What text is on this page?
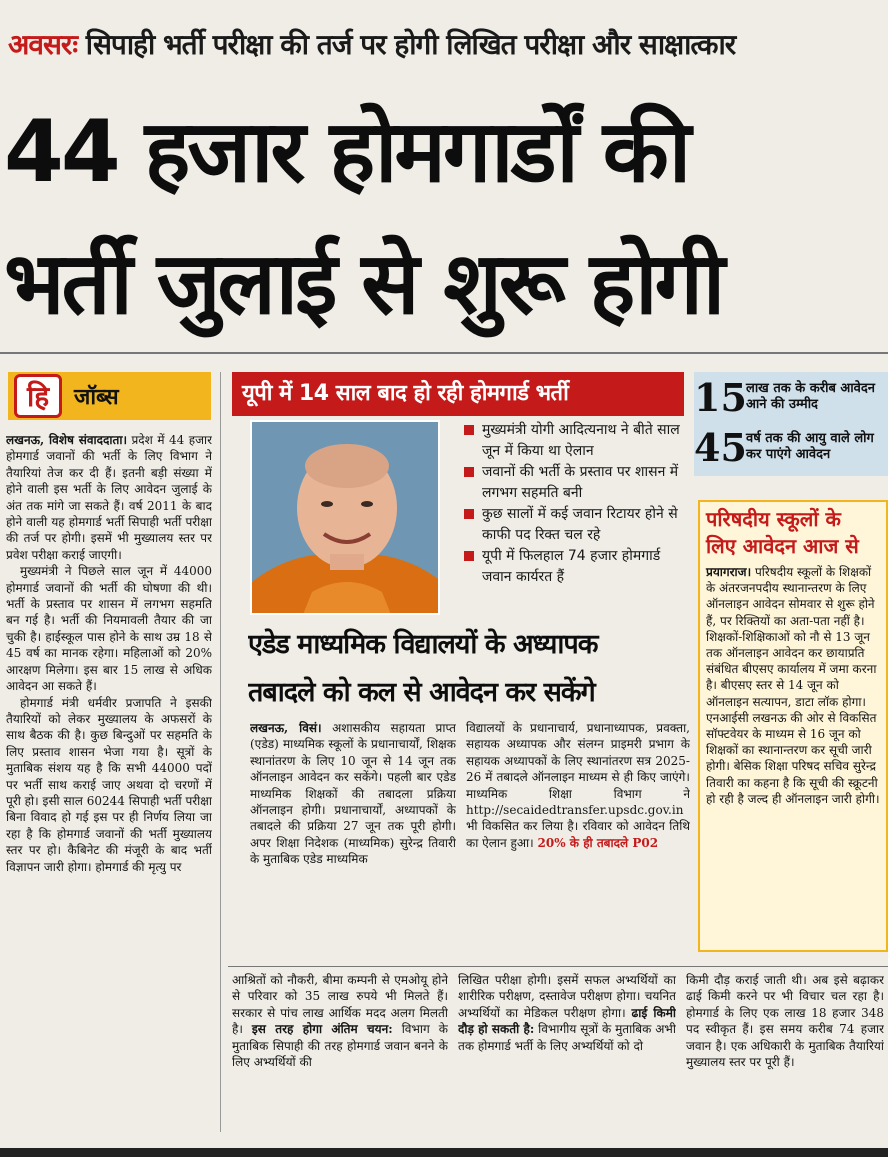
अवसरः सिपाही भर्ती परीक्षा की तर्ज पर होगी लिखित परीक्षा और साक्षात्कार
44 हजार होमगार्डों की
भर्ती जुलाई से शुरू होगी
हि	जॉब्स

लखनऊ, विशेष संवाददाता। प्रदेश में 44 हजार होमगार्ड जवानों की भर्ती के लिए विभाग ने तैयारियां तेज कर दी हैं। इतनी बड़ी संख्या में होने वाली इस भर्ती के लिए आवेदन जुलाई के अंत तक मांगे जा सकते हैं। वर्ष 2011 के बाद होने वाली यह होमगार्ड भर्ती सिपाही भर्ती परीक्षा की तर्ज पर होगी। इसमें भी मुख्यालय स्तर पर प्रवेश परीक्षा कराई जाएगी।

मुख्यमंत्री ने पिछले साल जून में 44000 होमगार्ड जवानों की भर्ती की घोषणा की थी। भर्ती के प्रस्ताव पर शासन में लगभग सहमति बन गई है। भर्ती की नियमावली तैयार की जा चुकी है। हाईस्कूल पास होने के साथ उम्र 18 से 45 वर्ष का मानक रहेगा। महिलाओं को 20% आरक्षण मिलेगा। इस बार 15 लाख से अधिक आवेदन आ सकते हैं।

होमगार्ड मंत्री धर्मवीर प्रजापति ने इसकी तैयारियों को लेकर मुख्यालय के अफसरों के साथ बैठक की है। कुछ बिन्दुओं पर सहमति के लिए प्रस्ताव शासन भेजा गया है। सूत्रों के मुताबिक संशय यह है कि सभी 44000 पदों पर भर्ती साथ कराई जाए अथवा दो चरणों में पूरी हो। इसी साल 60244 सिपाही भर्ती परीक्षा बिना विवाद हो गई इस पर ही निर्णय लिया जा रहा है कि होमगार्ड जवानों की भर्ती मुख्यालय स्तर पर हो। कैबिनेट की मंजूरी के बाद भर्ती विज्ञापन जारी होगा। होमगार्ड की मृत्यु पर

यूपी में 14 साल बाद हो रही होमगार्ड भर्ती
मुख्यमंत्री योगी आदित्यनाथ ने बीते साल जून में किया था ऐलान
जवानों की भर्ती के प्रस्ताव पर शासन में लगभग सहमति बनी
कुछ सालों में कई जवान रिटायर होने से काफी पद रिक्त चल रहे
यूपी में फिलहाल 74 हजार होमगार्ड जवान कार्यरत हैं
15 लाख तक के करीब आवेदन आने की उम्मीद
45 वर्ष तक की आयु वाले लोग कर पाएंगे आवेदन
एडेड माध्यमिक विद्यालयों के अध्यापक
तबादले को कल से आवेदन कर सकेंगे

लखनऊ, विसं। अशासकीय सहायता प्राप्त (एडेड) माध्यमिक स्कूलों के प्रधानाचार्यों, शिक्षक स्थानांतरण के लिए 10 जून से 14 जून तक ऑनलाइन आवेदन कर सकेंगे। पहली बार एडेड माध्यमिक शिक्षकों की तबादला प्रक्रिया ऑनलाइन होगी। प्रधानाचार्यों, अध्यापकों के तबादले की प्रक्रिया 27 जून तक पूरी होगी। अपर शिक्षा निदेशक (माध्यमिक) सुरेन्द्र तिवारी के मुताबिक एडेड माध्यमिक

विद्यालयों के प्रधानाचार्य, प्रधानाध्यापक, प्रवक्ता, सहायक अध्यापक और संलग्न प्राइमरी प्रभाग के सहायक अध्यापकों के लिए स्थानांतरण सत्र 2025-26 में तबादले ऑनलाइन माध्यम से ही किए जाएंगे। माध्यमिक शिक्षा विभाग ने http://secaidedtransfer.upsdc.gov.in भी विकसित कर लिया है। रविवार को आवेदन तिथि का ऐलान हुआ। 20% के ही तबादले P02

परिषदीय स्कूलों के
लिए आवेदन आज से
प्रयागराज। परिषदीय स्कूलों के शिक्षकों के अंतरजनपदीय स्थानान्तरण के लिए ऑनलाइन आवेदन सोमवार से शुरू होने हैं, पर रिक्तियों का अता-पता नहीं है। शिक्षकों-शिक्षिकाओं को नौ से 13 जून तक ऑनलाइन आवेदन कर छायाप्रति संबंधित बीएसए कार्यालय में जमा करना है। बीएसए स्तर से 14 जून को ऑनलाइन सत्यापन, डाटा लॉक होगा। एनआईसी लखनऊ की ओर से विकसित सॉफ्टवेयर के माध्यम से 16 जून को शिक्षकों का स्थानान्तरण कर सूची जारी होगी। बेसिक शिक्षा परिषद सचिव सुरेन्द्र तिवारी का कहना है कि सूची की स्क्रूटनी हो रही है जल्द ही ऑनलाइन जारी होगी।

आश्रितों को नौकरी, बीमा कम्पनी से एमओयू होने से परिवार को 35 लाख रुपये भी मिलते हैं। सरकार से पांच लाख आर्थिक मदद अलग मिलती है। इस तरह होगा अंतिम चयन: विभाग के मुताबिक सिपाही की तरह होमगार्ड जवान बनने के लिए अभ्यर्थियों की

लिखित परीक्षा होगी। इसमें सफल अभ्यर्थियों का शारीरिक परीक्षण, दस्तावेज परीक्षण होगा। चयनित अभ्यर्थियों का मेडिकल परीक्षण होगा। ढाई किमी दौड़ हो सकती है: विभागीय सूत्रों के मुताबिक अभी तक होमगार्ड भर्ती के लिए अभ्यर्थियों को दो

किमी दौड़ कराई जाती थी। अब इसे बढ़ाकर ढाई किमी करने पर भी विचार चल रहा है। होमगार्ड के लिए एक लाख 18 हजार 348 पद स्वीकृत हैं। इस समय करीब 74 हजार जवान है। एक अधिकारी के मुताबिक तैयारियां मुख्यालय स्तर पर पूरी हैं।
